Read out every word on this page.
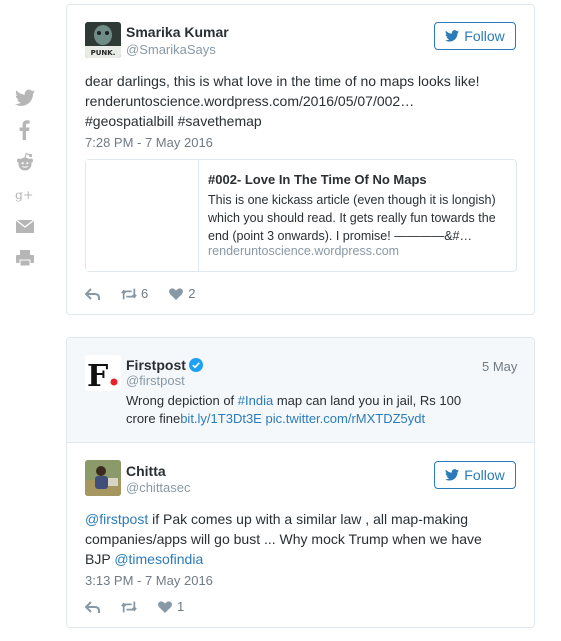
g+
PUNK.
Smarika Kumar
@SmarikaSays
Follow
dear darlings, this is what love in the time of no maps looks like!
renderuntoscience.wordpress.com/2016/05/07/002…
#geospatialbill #savethemap
7:28 PM - 7 May 2016
#002- Love In The Time Of No Maps
This is one kickass article (even though it is longish) which you should read. It gets really fun towards the end (point 3 onwards). I promise! ————&#…
renderuntoscience.wordpress.com
6	2
F Firstpost
@firstpost
5 May
Wrong depiction of #India map can land you in jail, Rs 100 crore finebit.ly/1T3Dt3E pic.twitter.com/rMXTDZ5ydt
Chitta
@chittasec
Follow
@firstpost if Pak comes up with a similar law , all map-making companies/apps will go bust ... Why mock Trump when we have BJP @timesofindia
3:13 PM - 7 May 2016
1
